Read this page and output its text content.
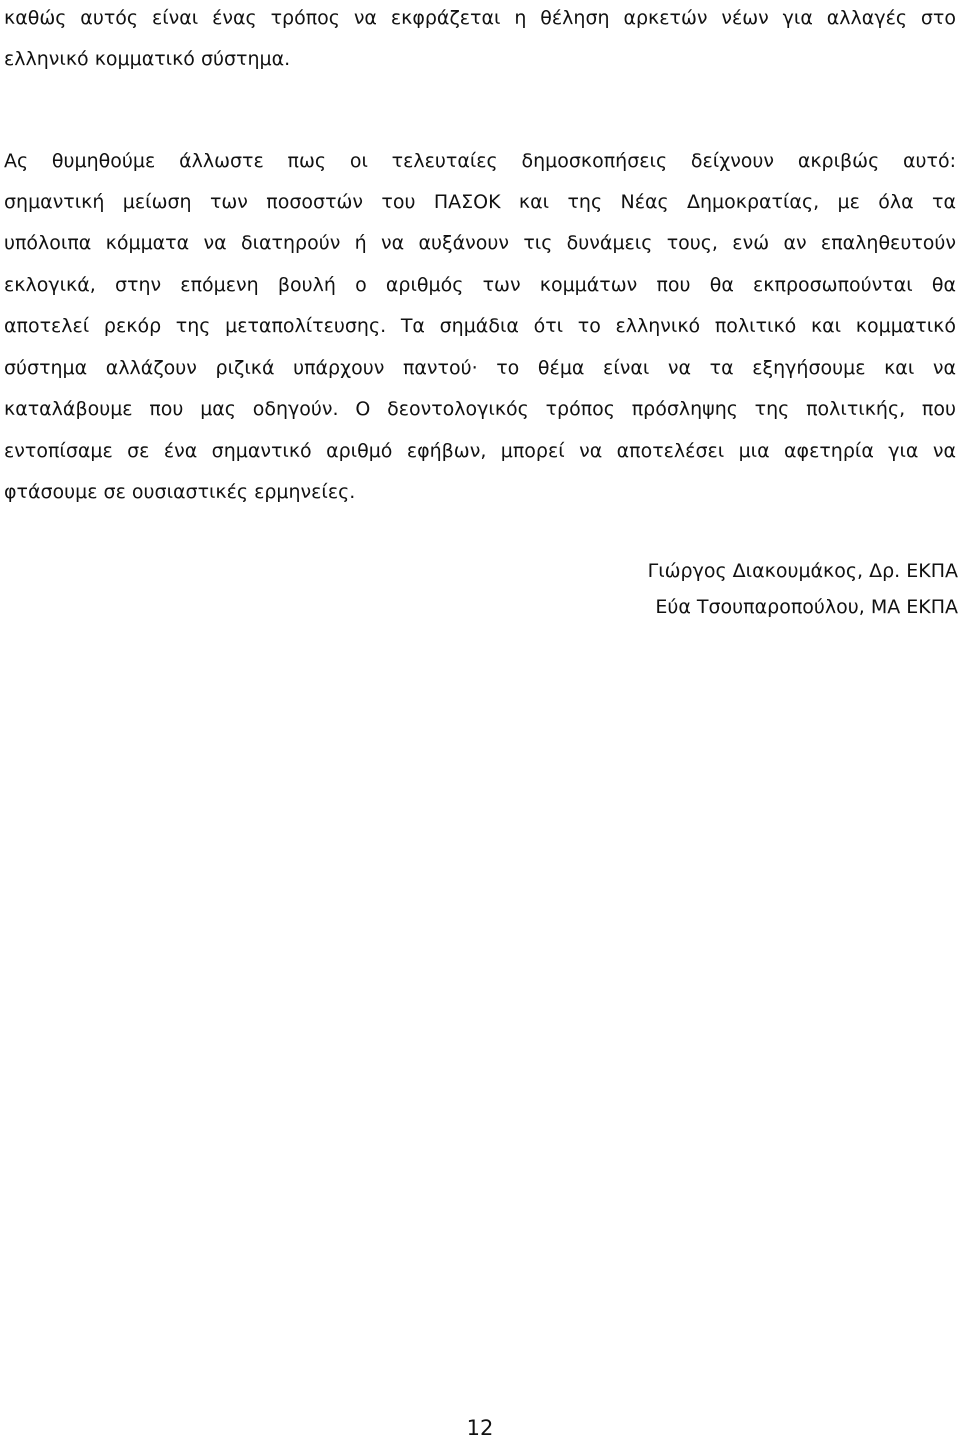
καθώς αυτός είναι ένας τρόπος να εκφράζεται η θέληση αρκετών νέων για αλλαγές στο
ελληνικό κομματικό σύστημα.
Ας θυμηθούμε άλλωστε πως οι τελευταίες δημοσκοπήσεις δείχνουν ακριβώς αυτό:
σημαντική μείωση των ποσοστών του ΠΑΣΟΚ και της Νέας Δημοκρατίας, με όλα τα
υπόλοιπα κόμματα να διατηρούν ή να αυξάνουν τις δυνάμεις τους, ενώ αν επαληθευτούν
εκλογικά, στην επόμενη βουλή ο αριθμός των κομμάτων που θα εκπροσωπούνται θα
αποτελεί ρεκόρ της μεταπολίτευσης. Τα σημάδια ότι το ελληνικό πολιτικό και κομματικό
σύστημα αλλάζουν ριζικά υπάρχουν παντού· το θέμα είναι να τα εξηγήσουμε και να
καταλάβουμε που μας οδηγούν. Ο δεοντολογικός τρόπος πρόσληψης της πολιτικής, που
εντοπίσαμε σε ένα σημαντικό αριθμό εφήβων, μπορεί να αποτελέσει μια αφετηρία για να
φτάσουμε σε ουσιαστικές ερμηνείες.
Γιώργος Διακουμάκος, Δρ. ΕΚΠΑ
Εύα Τσουπαροπούλου, ΜΑ ΕΚΠΑ
12
